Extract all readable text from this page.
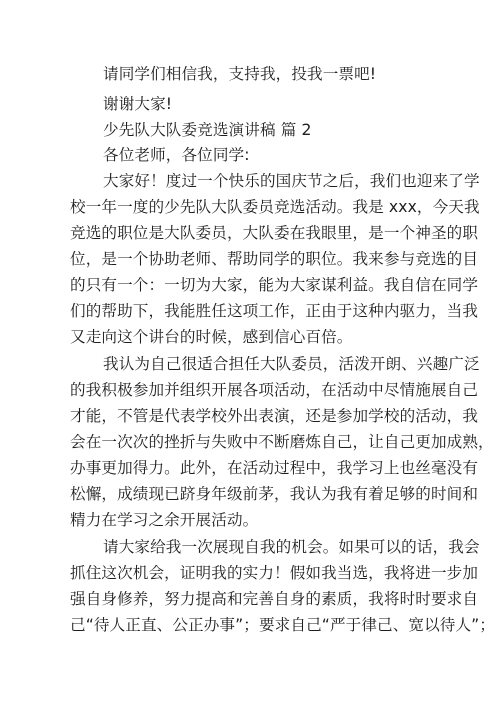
请同学们相信我，支持我，投我一票吧!
谢谢大家!
少先队大队委竞选演讲稿 篇 2
各位老师，各位同学:
大家好！度过一个快乐的国庆节之后，我们也迎来了学
校一年一度的少先队大队委员竞选活动。我是 xxx，今天我
竞选的职位是大队委员，大队委在我眼里，是一个神圣的职
位，是一个协助老师、帮助同学的职位。我来参与竞选的目
的只有一个：一切为大家，能为大家谋利益。我自信在同学
们的帮助下，我能胜任这项工作，正由于这种内驱力，当我
又走向这个讲台的时候，感到信心百倍。
我认为自己很适合担任大队委员，活泼开朗、兴趣广泛
的我积极参加并组织开展各项活动，在活动中尽情施展自己
才能，不管是代表学校外出表演，还是参加学校的活动，我
会在一次次的挫折与失败中不断磨炼自己，让自己更加成熟，
办事更加得力。此外，在活动过程中，我学习上也丝毫没有
松懈，成绩现已跻身年级前茅，我认为我有着足够的时间和
精力在学习之余开展活动。
请大家给我一次展现自我的机会。如果可以的话，我会
抓住这次机会，证明我的实力！假如我当选，我将进一步加
强自身修养，努力提高和完善自身的素质，我将时时要求自
己“待人正直、公正办事”；要求自己“严于律己、宽以待人”；
